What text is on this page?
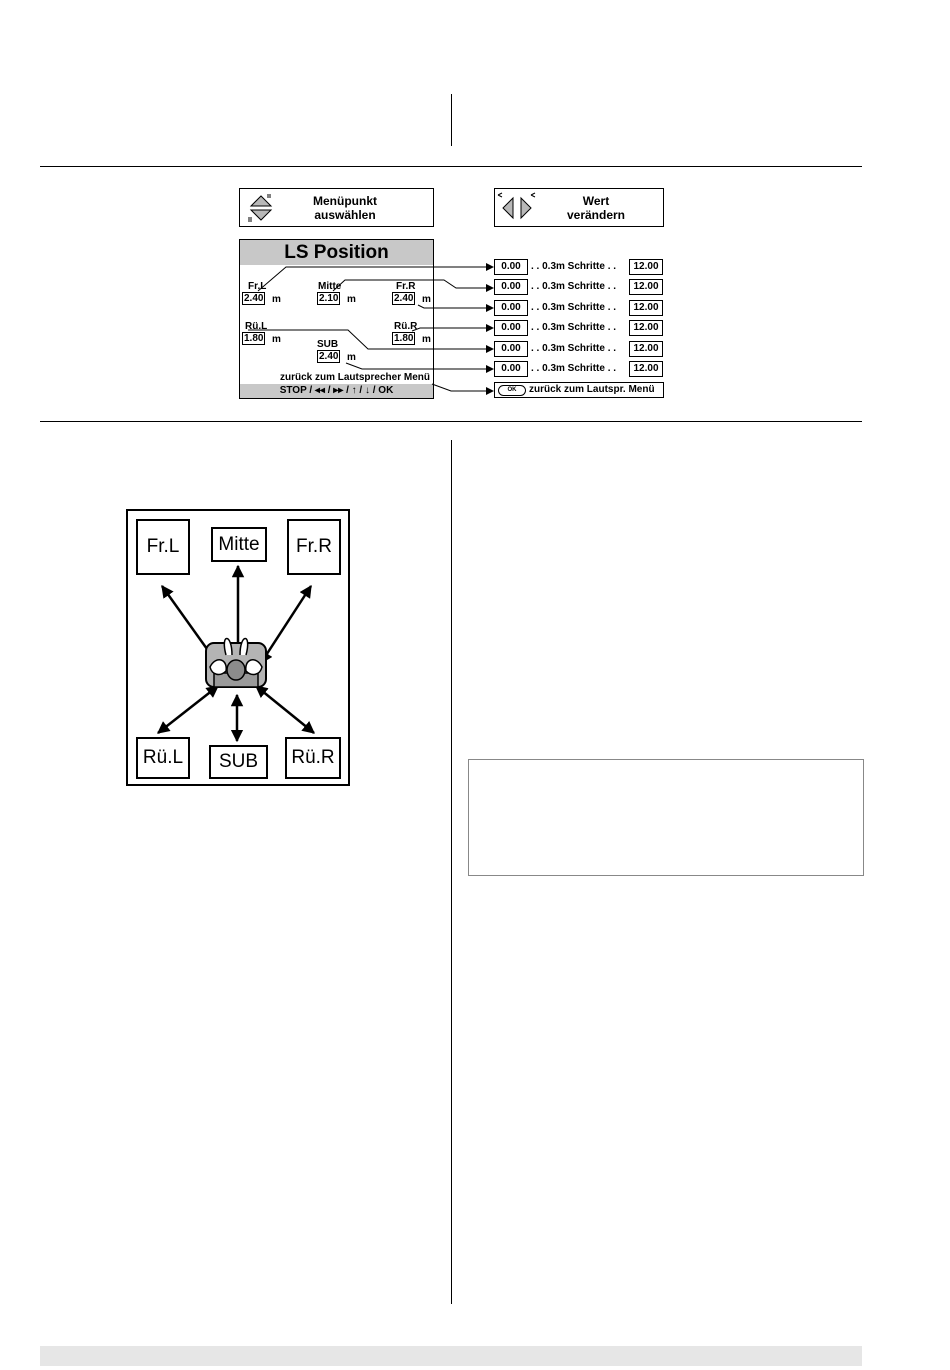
Menüpunkt
auswählen
Wert
verändern
LS Position
Fr.L
2.40 m
Mitte
2.10 m
Fr.R
2.40 m
Rü.L
1.80 m
Rü.R
1.80 m
SUB
2.40 m
zurück zum Lautsprecher Menü
STOP / ◂◂ / ▸▸ / ↑ / ↓ / OK
0.00	. . 0.3m Schritte . .	12.00
0.00	. . 0.3m Schritte . .	12.00
0.00	. . 0.3m Schritte . .	12.00
0.00	. . 0.3m Schritte . .	12.00
0.00	. . 0.3m Schritte . .	12.00
0.00	. . 0.3m Schritte . .	12.00
OK	zurück zum Lautspr. Menü
Fr.L	Mitte	Fr.R
Rü.L	SUB	Rü.R
